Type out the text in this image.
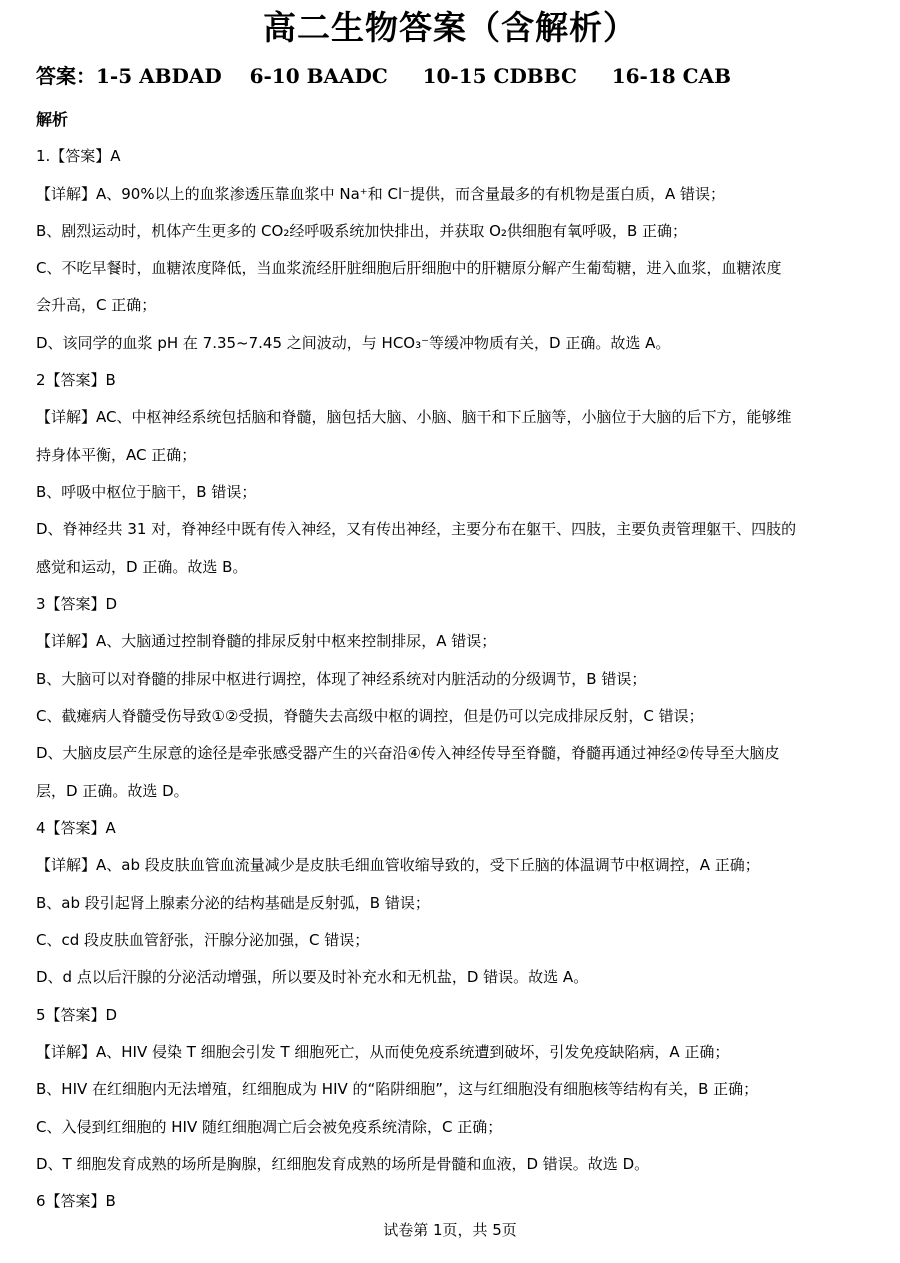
高二生物答案（含解析）
答案：1-5 ABDAD    6-10 BAADC     10-15 CDBBC     16-18 CAB
解析
1.【答案】A
【详解】A、90%以上的血浆渗透压靠血浆中 Na⁺和 Cl⁻提供，而含量最多的有机物是蛋白质，A 错误；
B、剧烈运动时，机体产生更多的 CO₂经呼吸系统加快排出，并获取 O₂供细胞有氧呼吸，B 正确；
C、不吃早餐时，血糖浓度降低，当血浆流经肝脏细胞后肝细胞中的肝糖原分解产生葡萄糖，进入血浆，血糖浓度
会升高，C 正确；
D、该同学的血浆 pH 在 7.35~7.45 之间波动，与 HCO₃⁻等缓冲物质有关，D 正确。故选 A。
2【答案】B
【详解】AC、中枢神经系统包括脑和脊髓，脑包括大脑、小脑、脑干和下丘脑等，小脑位于大脑的后下方，能够维
持身体平衡，AC 正确；
B、呼吸中枢位于脑干，B 错误；
D、脊神经共 31 对，脊神经中既有传入神经，又有传出神经，主要分布在躯干、四肢，主要负责管理躯干、四肢的
感觉和运动，D 正确。故选 B。
3【答案】D
【详解】A、大脑通过控制脊髓的排尿反射中枢来控制排尿，A 错误；
B、大脑可以对脊髓的排尿中枢进行调控，体现了神经系统对内脏活动的分级调节，B 错误；
C、截瘫病人脊髓受伤导致①②受损，脊髓失去高级中枢的调控，但是仍可以完成排尿反射，C 错误；
D、大脑皮层产生尿意的途径是牵张感受器产生的兴奋沿④传入神经传导至脊髓，脊髓再通过神经②传导至大脑皮
层，D 正确。故选 D。
4【答案】A
【详解】A、ab 段皮肤血管血流量减少是皮肤毛细血管收缩导致的，受下丘脑的体温调节中枢调控，A 正确；
B、ab 段引起肾上腺素分泌的结构基础是反射弧，B 错误；
C、cd 段皮肤血管舒张，汗腺分泌加强，C 错误；
D、d 点以后汗腺的分泌活动增强，所以要及时补充水和无机盐，D 错误。故选 A。
5【答案】D
【详解】A、HIV 侵染 T 细胞会引发 T 细胞死亡，从而使免疫系统遭到破坏，引发免疫缺陷病，A 正确；
B、HIV 在红细胞内无法增殖，红细胞成为 HIV 的“陷阱细胞”，这与红细胞没有细胞核等结构有关，B 正确；
C、入侵到红细胞的 HIV 随红细胞凋亡后会被免疫系统清除，C 正确；
D、T 细胞发育成熟的场所是胸腺，红细胞发育成熟的场所是骨髓和血液，D 错误。故选 D。
6【答案】B
试卷第 1页，共 5页
